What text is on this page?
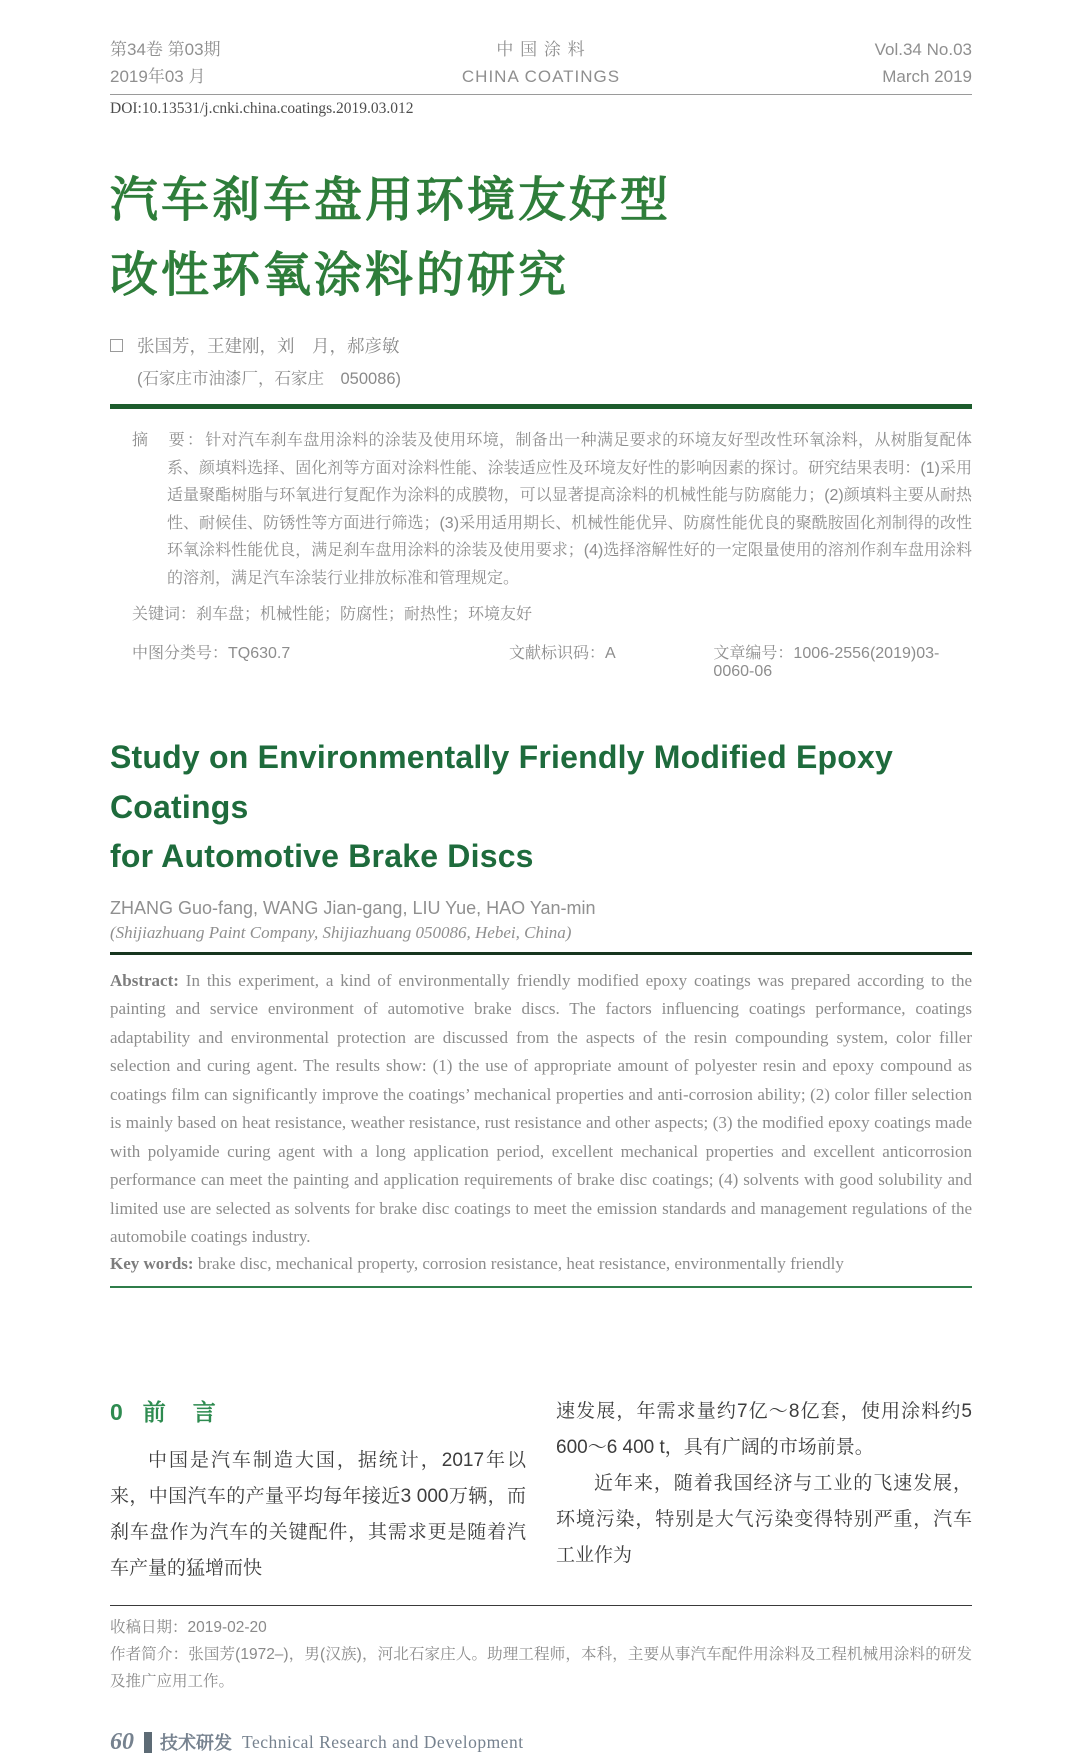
第34卷 第03期
2019年03 月
中 国 涂 料
CHINA COATINGS
Vol.34 No.03
March 2019
DOI:10.13531/j.cnki.china.coatings.2019.03.012
汽车刹车盘用环境友好型
改性环氧涂料的研究
张国芳，王建刚，刘　月，郝彦敏
(石家庄市油漆厂，石家庄　050086)

摘　要：针对汽车刹车盘用涂料的涂装及使用环境，制备出一种满足要求的环境友好型改性环氧涂料，从树脂复配体系、颜填料选择、固化剂等方面对涂料性能、涂装适应性及环境友好性的影响因素的探讨。研究结果表明：(1)采用适量聚酯树脂与环氧进行复配作为涂料的成膜物，可以显著提高涂料的机械性能与防腐能力；(2)颜填料主要从耐热性、耐候佳、防锈性等方面进行筛选；(3)采用适用期长、机械性能优异、防腐性能优良的聚酰胺固化剂制得的改性环氧涂料性能优良，满足刹车盘用涂料的涂装及使用要求；(4)选择溶解性好的一定限量使用的溶剂作刹车盘用涂料的溶剂，满足汽车涂装行业排放标准和管理规定。

关键词：刹车盘；机械性能；防腐性；耐热性；环境友好

中图分类号：TQ630.7	文献标识码：A	文章编号：1006-2556(2019)03-0060-06
Study on Environmentally Friendly Modified Epoxy Coatings
for Automotive Brake Discs
ZHANG Guo-fang, WANG Jian-gang, LIU Yue, HAO Yan-min
(Shijiazhuang Paint Company, Shijiazhuang 050086, Hebei, China)

Abstract: In this experiment, a kind of environmentally friendly modified epoxy coatings was prepared according to the painting and service environment of automotive brake discs. The factors influencing coatings performance, coatings adaptability and environmental protection are discussed from the aspects of the resin compounding system, color filler selection and curing agent. The results show: (1) the use of appropriate amount of polyester resin and epoxy compound as coatings film can significantly improve the coatings’ mechanical properties and anti-corrosion ability; (2) color filler selection is mainly based on heat resistance, weather resistance, rust resistance and other aspects; (3) the modified epoxy coatings made with polyamide curing agent with a long application period, excellent mechanical properties and excellent anticorrosion performance can meet the painting and application requirements of brake disc coatings; (4) solvents with good solubility and limited use are selected as solvents for brake disc coatings to meet the emission standards and management regulations of the automobile coatings industry.

Key words: brake disc, mechanical property, corrosion resistance, heat resistance, environmentally friendly

0 前　言

中国是汽车制造大国，据统计，2017年以来，中国汽车的产量平均每年接近3 000万辆，而刹车盘作为汽车的关键配件，其需求更是随着汽车产量的猛增而快

速发展，年需求量约7亿～8亿套，使用涂料约5 600～6 400 t，具有广阔的市场前景。

近年来，随着我国经济与工业的飞速发展，环境污染，特别是大气污染变得特别严重，汽车工业作为

收稿日期：2019-02-20

作者简介：张国芳(1972–)，男(汉族)，河北石家庄人。助理工程师，本科，主要从事汽车配件用涂料及工程机械用涂料的研发及推广应用工作。

60 技术研发 Technical Research and Development
